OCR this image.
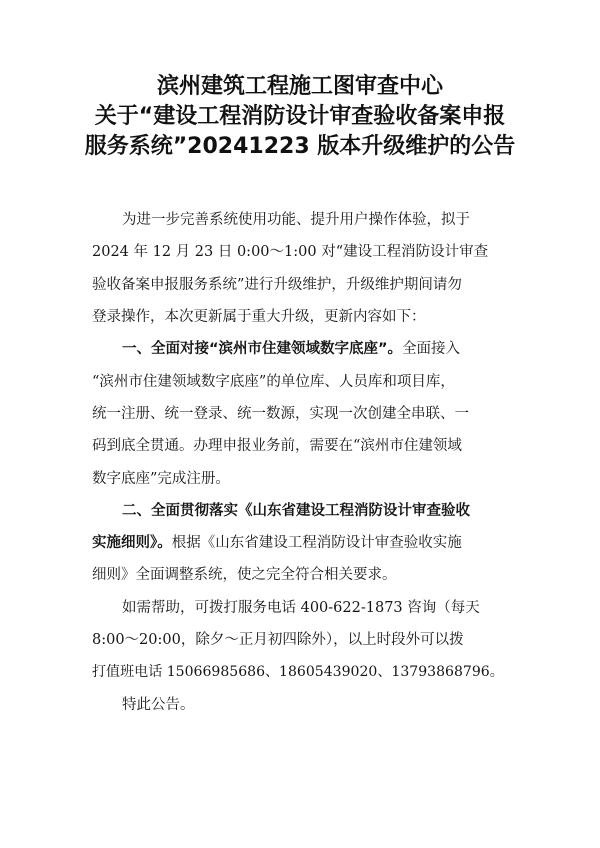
滨州建筑工程施工图审查中心
关于“建设工程消防设计审查验收备案申报
服务系统”20241223 版本升级维护的公告
为进一步完善系统使用功能、提升用户操作体验，拟于
2024 年 12 月 23 日 0:00～1:00 对“建设工程消防设计审查
验收备案申报服务系统”进行升级维护，升级维护期间请勿
登录操作，本次更新属于重大升级，更新内容如下：
一、全面对接“滨州市住建领域数字底座”。 全面接入
“滨州市住建领域数字底座”的单位库、人员库和项目库，
统一注册、统一登录、统一数源，实现一次创建全串联、一
码到底全贯通。办理申报业务前，需要在“滨州市住建领域
数字底座”完成注册。
二、全面贯彻落实《山东省建设工程消防设计审查验收
实施细则》。 根据《山东省建设工程消防设计审查验收实施
细则》全面调整系统，使之完全符合相关要求。
如需帮助，可拨打服务电话 400-622-1873 咨询（每天
8:00～20:00，除夕～正月初四除外），以上时段外可以拨
打值班电话 15066985686、18605439020、13793868796。
特此公告。
